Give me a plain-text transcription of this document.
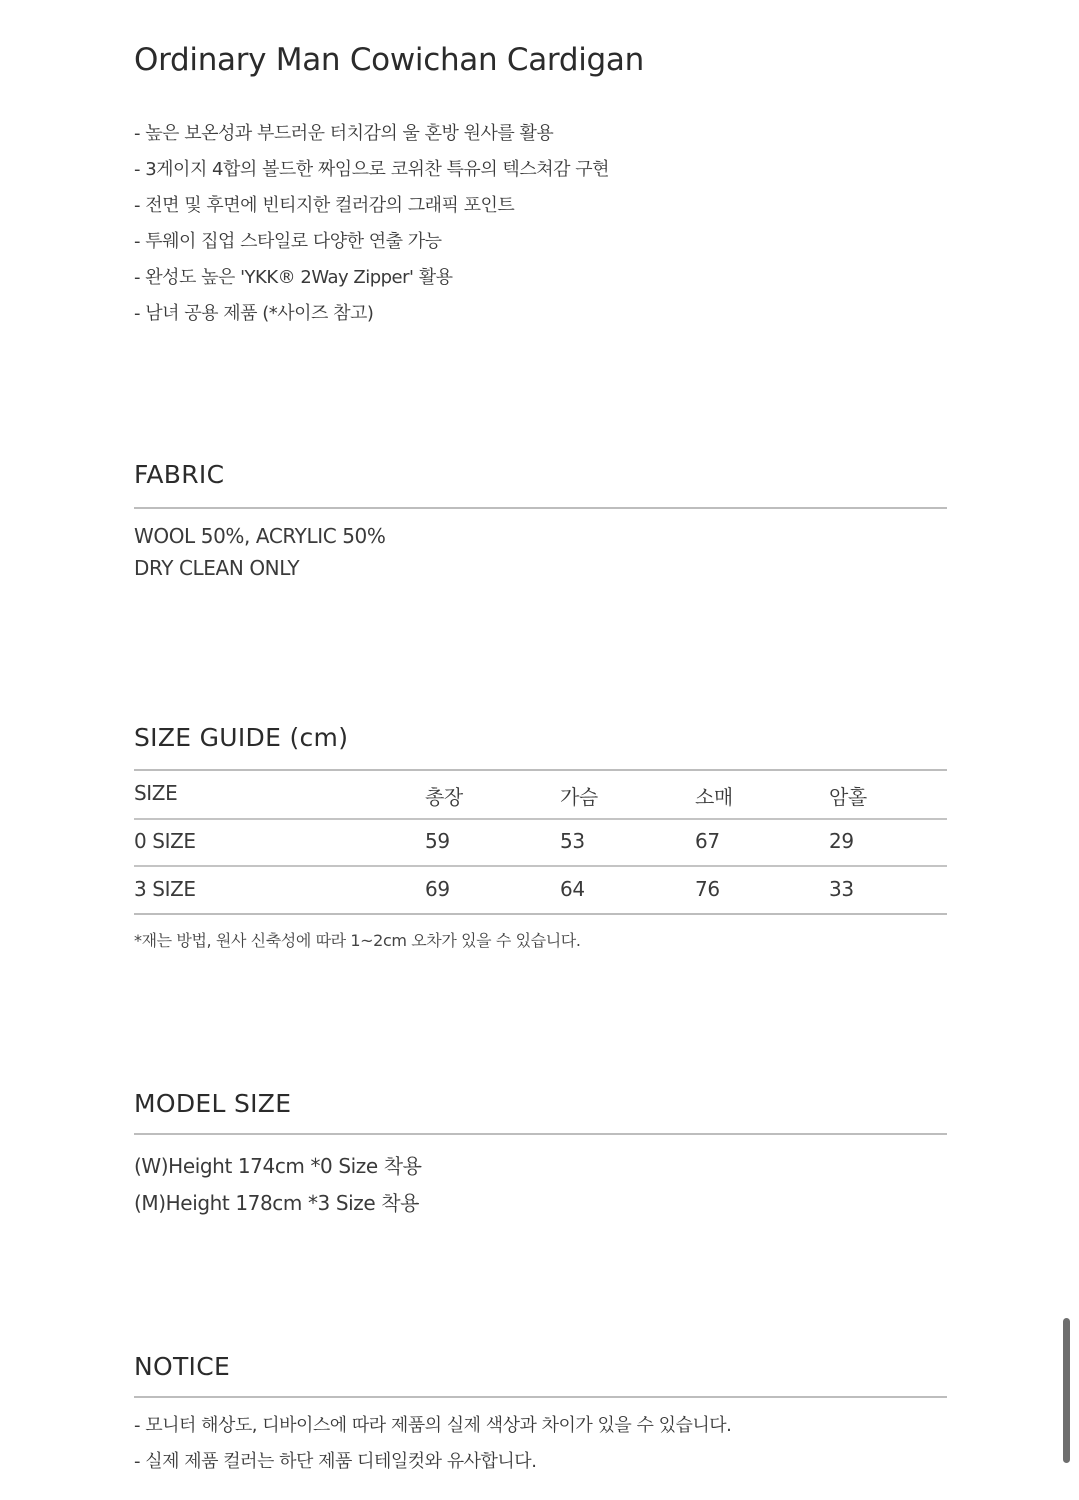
Ordinary Man Cowichan Cardigan
- 높은 보온성과 부드러운 터치감의 울 혼방 원사를 활용
- 3게이지 4합의 볼드한 짜임으로 코위찬 특유의 텍스쳐감 구현
- 전면 및 후면에 빈티지한 컬러감의 그래픽 포인트
- 투웨이 집업 스타일로 다양한 연출 가능
- 완성도 높은 'YKK® 2Way Zipper' 활용
- 남녀 공용 제품 (*사이즈 참고)
FABRIC
WOOL 50%, ACRYLIC 50%
DRY CLEAN ONLY
SIZE GUIDE (cm)
SIZE	총장	가슴	소매	암홀
0 SIZE	59	53	67	29
3 SIZE	69	64	76	33
*재는 방법, 원사 신축성에 따라 1~2cm 오차가 있을 수 있습니다.
MODEL SIZE
(W)Height 174cm *0 Size 착용
(M)Height 178cm *3 Size 착용
NOTICE
- 모니터 해상도, 디바이스에 따라 제품의 실제 색상과 차이가 있을 수 있습니다.
- 실제 제품 컬러는 하단 제품 디테일컷와 유사합니다.
